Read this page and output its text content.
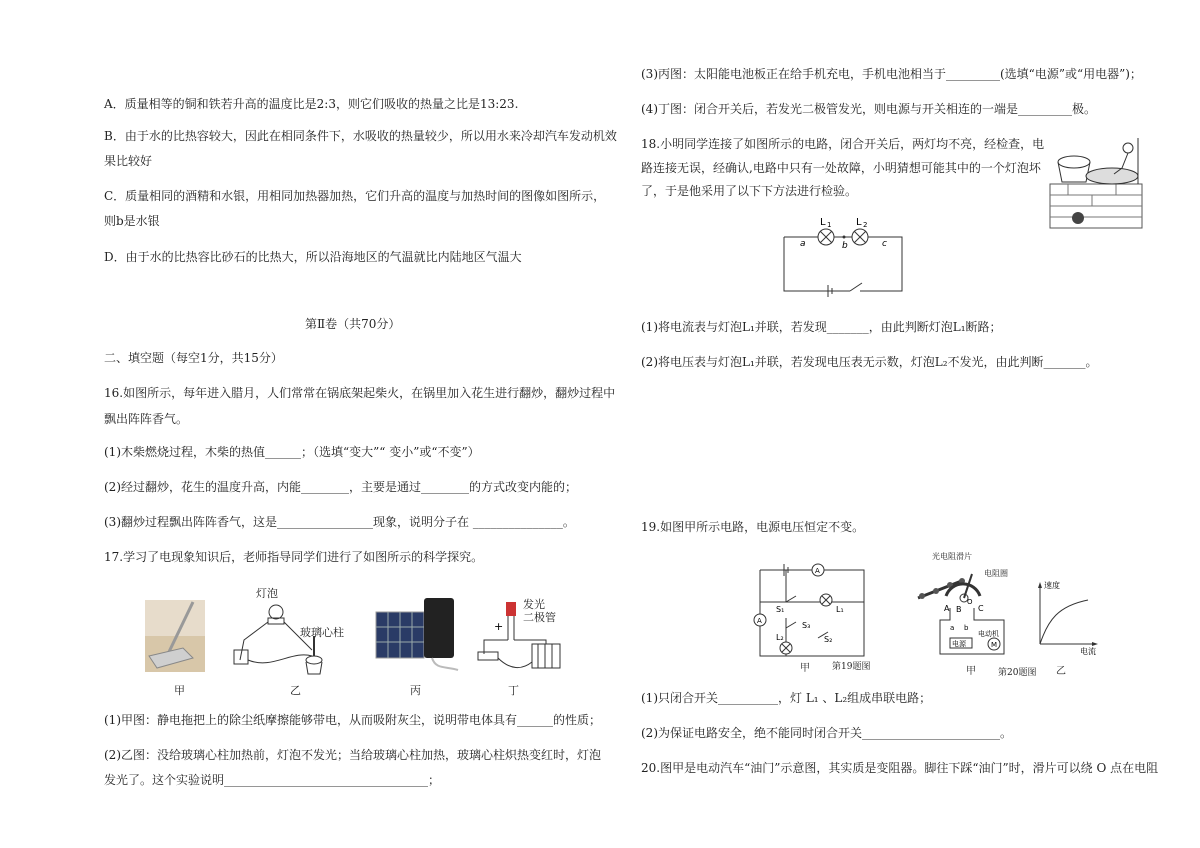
A．质量相等的铜和铁若升高的温度比是2:3，则它们吸收的热量之比是13:23.
B．由于水的比热容较大，因此在相同条件下，水吸收的热量较少，所以用水来冷却汽车发动机效
果比较好
C．质量相同的酒精和水银，用相同加热器加热，它们升高的温度与加热时间的图像如图所示，
则b是水银
D．由于水的比热容比砂石的比热大，所以沿海地区的气温就比内陆地区气温大
第Ⅱ卷（共70分）
二、填空题（每空1分，共15分）
16.如图所示，每年进入腊月，人们常常在锅底架起柴火，在锅里加入花生进行翻炒，翻炒过程中
飘出阵阵香气。
(1)木柴燃烧过程，木柴的热值______；（选填“变大”“ 变小”或“不变”）
(2)经过翻炒，花生的温度升高，内能________，主要是通过________的方式改变内能的；
(3)翻炒过程飘出阵阵香气，这是________________现象，说明分子在 _______________。
17.学习了电现象知识后，老师指导同学们进行了如图所示的科学探究。
甲
灯泡
玻璃心柱
乙	丙
+
发光
二极管
丁
(1)甲图：静电拖把上的除尘纸摩擦能够带电，从而吸附灰尘，说明带电体具有______的性质；
(2)乙图：没给玻璃心柱加热前，灯泡不发光；当给玻璃心柱加热，玻璃心柱炽热变红时，灯泡
发光了。这个实验说明__________________________________；
(3)丙图：太阳能电池板正在给手机充电，手机电池相当于_________(选填“电源”或“用电器”)；
(4)丁图：闭合开关后，若发光二极管发光，则电源与开关相连的一端是_________极。
18.小明同学连接了如图所示的电路，闭合开关后，两灯均不亮，经检查，电
路连接无误，经确认,电路中只有一处故障，小明猜想可能其中的一个灯泡坏
了，于是他采用了以下下方法进行检验。
L 1 L 2
a	b	c
(1)将电流表与灯泡L₁并联，若发现_______，由此判断灯泡L₁断路；
(2)将电压表与灯泡L₁并联，若发现电压表无示数，灯泡L₂不发光，由此判断_______。
19.如图甲所示电路，电源电压恒定不变。
A
A
S₁
S₃
S₂
L₁
L₂
甲 第19题图
M
A B C
O
a b
电源
电动机
光电阻滑片
电阻圈
甲 第20题图
速度
电流
乙
(1)只闭合开关__________，灯 L₁ 、L₂组成串联电路；
(2)为保证电路安全，绝不能同时闭合开关_______________________。
20.图甲是电动汽车“油门”示意图，其实质是变阻器。脚往下踩“油门”时，滑片可以绕 O 点在电阻
